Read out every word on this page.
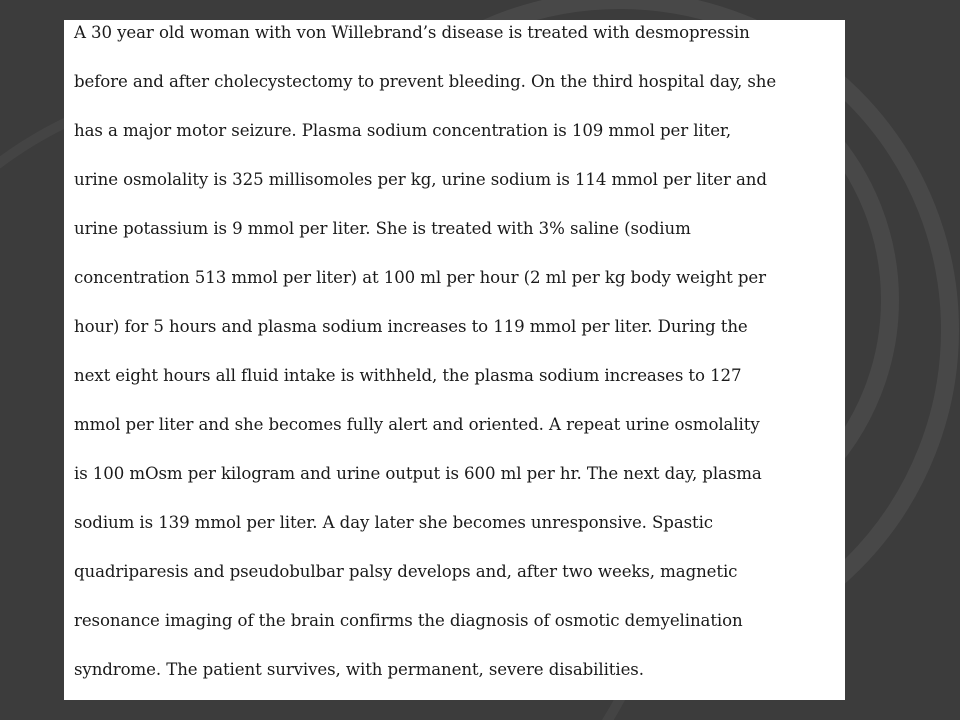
A 30 year old woman with von Willebrand’s disease is treated with desmopressin
before and after cholecystectomy to prevent bleeding. On the third hospital day, she
has a major motor seizure. Plasma sodium concentration is 109 mmol per liter,
urine osmolality is 325 millisomoles per kg, urine sodium is 114 mmol per liter and
urine potassium is 9 mmol per liter. She is treated with 3% saline (sodium
concentration 513 mmol per liter) at 100 ml per hour (2 ml per kg body weight per
hour) for 5 hours and plasma sodium increases to 119 mmol per liter. During the
next eight hours all fluid intake is withheld, the plasma sodium increases to 127
mmol per liter and she becomes fully alert and oriented. A repeat urine osmolality
is 100 mOsm per kilogram and urine output is 600 ml per hr. The next day, plasma
sodium is 139 mmol per liter. A day later she becomes unresponsive. Spastic
quadriparesis and pseudobulbar palsy develops and, after two weeks, magnetic
resonance imaging of the brain confirms the diagnosis of osmotic demyelination
syndrome. The patient survives, with permanent, severe disabilities.
